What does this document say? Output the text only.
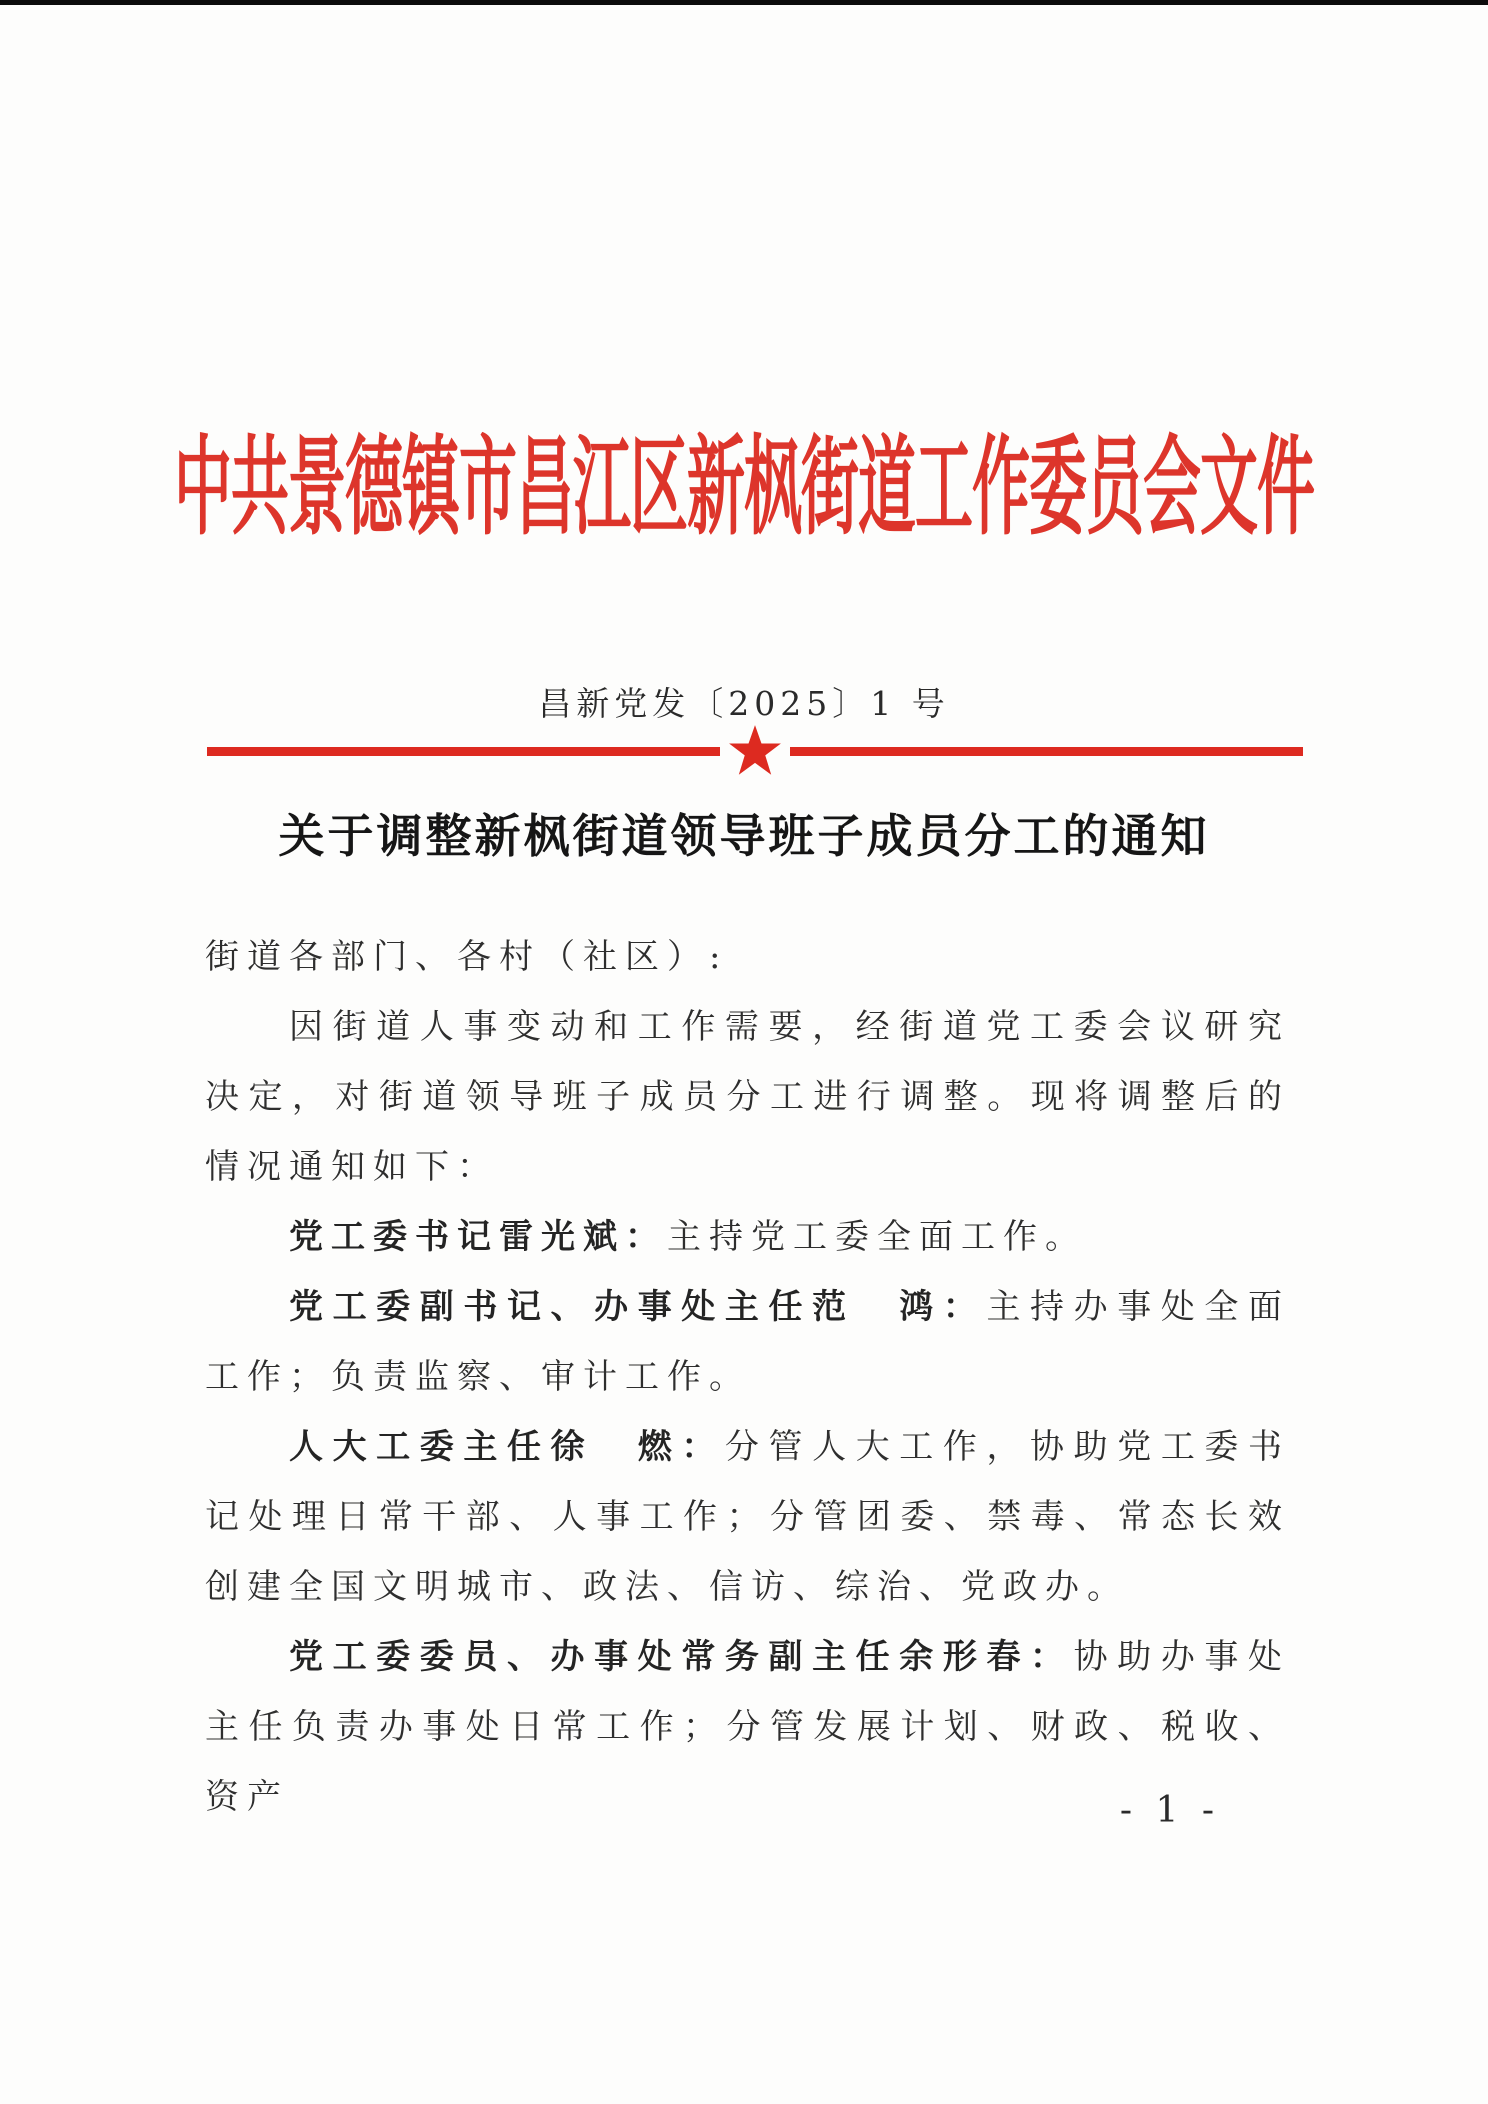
中共景德镇市昌江区新枫街道工作委员会文件
昌新党发〔2025〕1 号
关于调整新枫街道领导班子成员分工的通知

街道各部门、各村（社区）:

因街道人事变动和工作需要，经街道党工委会议研究决定，对街道领导班子成员分工进行调整。现将调整后的情况通知如下：

党工委书记雷光斌：主持党工委全面工作。

党工委副书记、办事处主任范　鸿：主持办事处全面工作；负责监察、审计工作。

人大工委主任徐　燃：分管人大工作，协助党工委书记处理日常干部、人事工作；分管团委、禁毒、常态长效创建全国文明城市、政法、信访、综治、党政办。

党工委委员、办事处常务副主任余形春：协助办事处主任负责办事处日常工作；分管发展计划、财政、税收、资产	- 1 -
